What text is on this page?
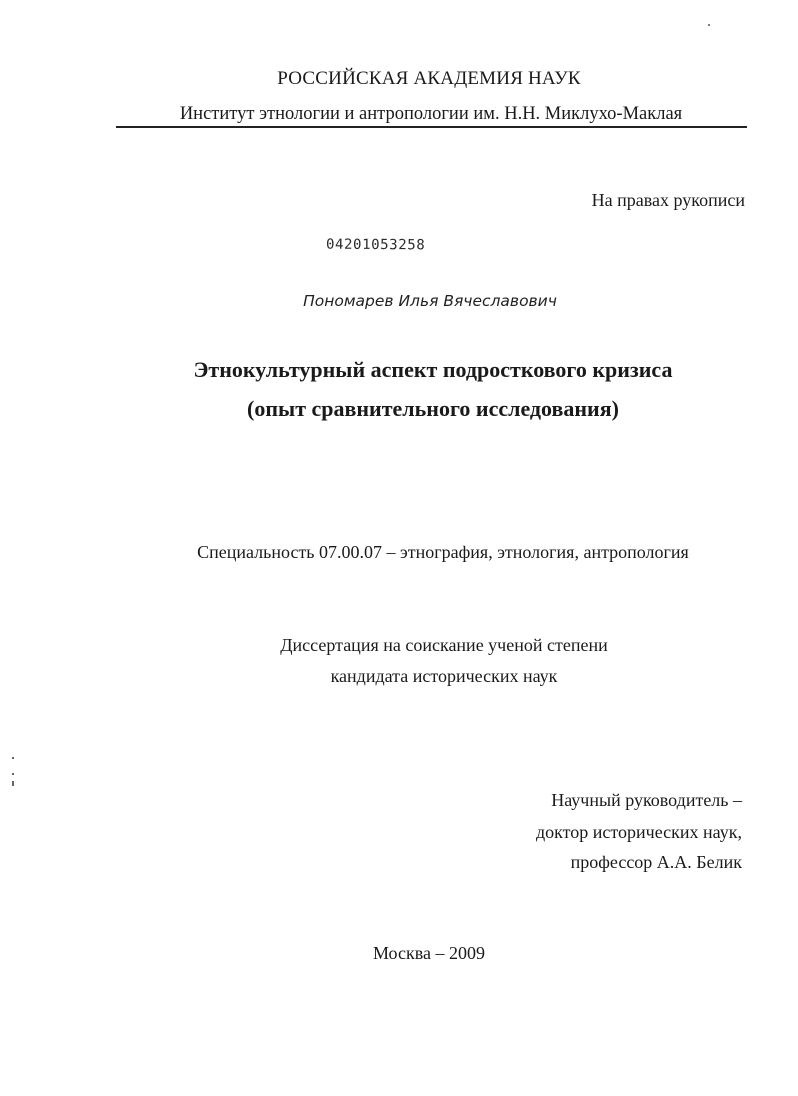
РОССИЙСКАЯ АКАДЕМИЯ НАУК
Институт этнологии и антропологии им. Н.Н. Миклухо-Маклая
На правах рукописи
04201053258
Пономарев Илья Вячеславович
Этнокультурный аспект подросткового кризиса
(опыт сравнительного исследования)
Специальность 07.00.07 – этнография, этнология, антропология
Диссертация на соискание ученой степени
кандидата исторических наук
Научный руководитель –
доктор исторических наук,
профессор А.А. Белик
Москва – 2009
